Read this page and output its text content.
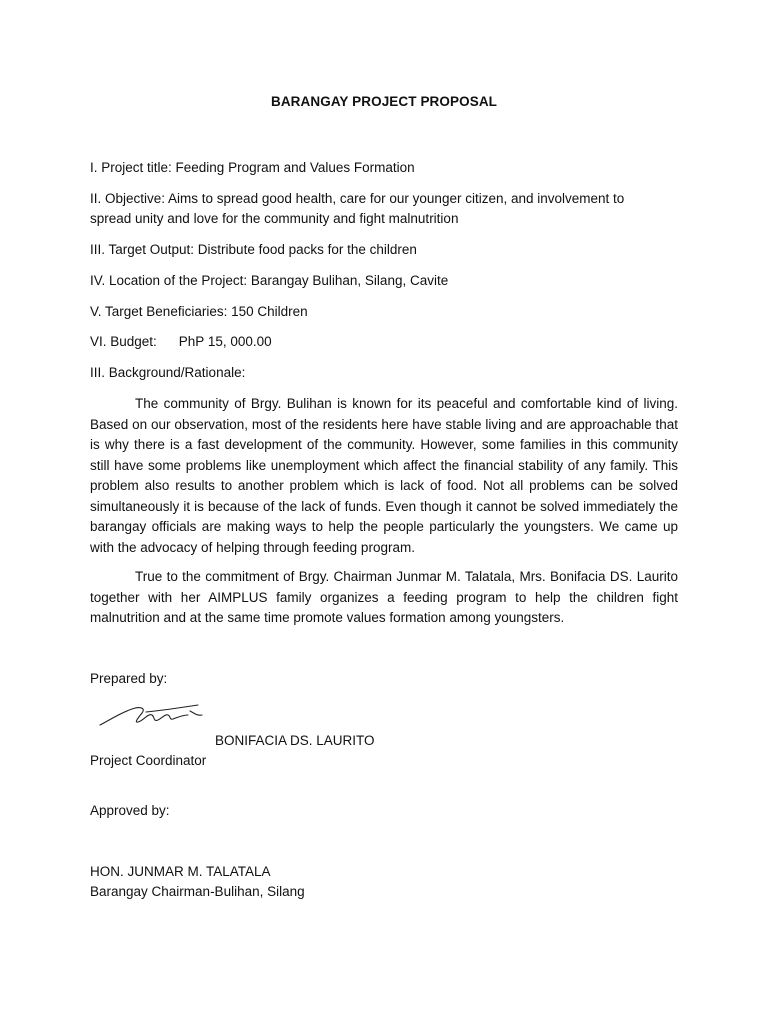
BARANGAY PROJECT PROPOSAL
I. Project title: Feeding Program and Values Formation
II. Objective: Aims to spread good health, care for our younger citizen, and involvement to
spread unity and love for the community and fight malnutrition
III. Target Output: Distribute food packs for the children
IV. Location of the Project: Barangay Bulihan, Silang, Cavite
V. Target Beneficiaries: 150 Children
VI. Budget: PhP 15, 000.00
III. Background/Rationale:

The community of Brgy. Bulihan is known for its peaceful and comfortable kind of living. Based on our observation, most of the residents here have stable living and are approachable that is why there is a fast development of the community. However, some families in this community still have some problems like unemployment which affect the financial stability of any family. This problem also results to another problem which is lack of food. Not all problems can be solved simultaneously it is because of the lack of funds. Even though it cannot be solved immediately the barangay officials are making ways to help the people particularly the youngsters. We came up with the advocacy of helping through feeding program.

True to the commitment of Brgy. Chairman Junmar M. Talatala, Mrs. Bonifacia DS. Laurito together with her AIMPLUS family organizes a feeding program to help the children fight malnutrition and at the same time promote values formation among youngsters.

Prepared by:
BONIFACIA DS. LAURITO
Project Coordinator
Approved by:
HON. JUNMAR M. TALATALA
Barangay Chairman-Bulihan, Silang
